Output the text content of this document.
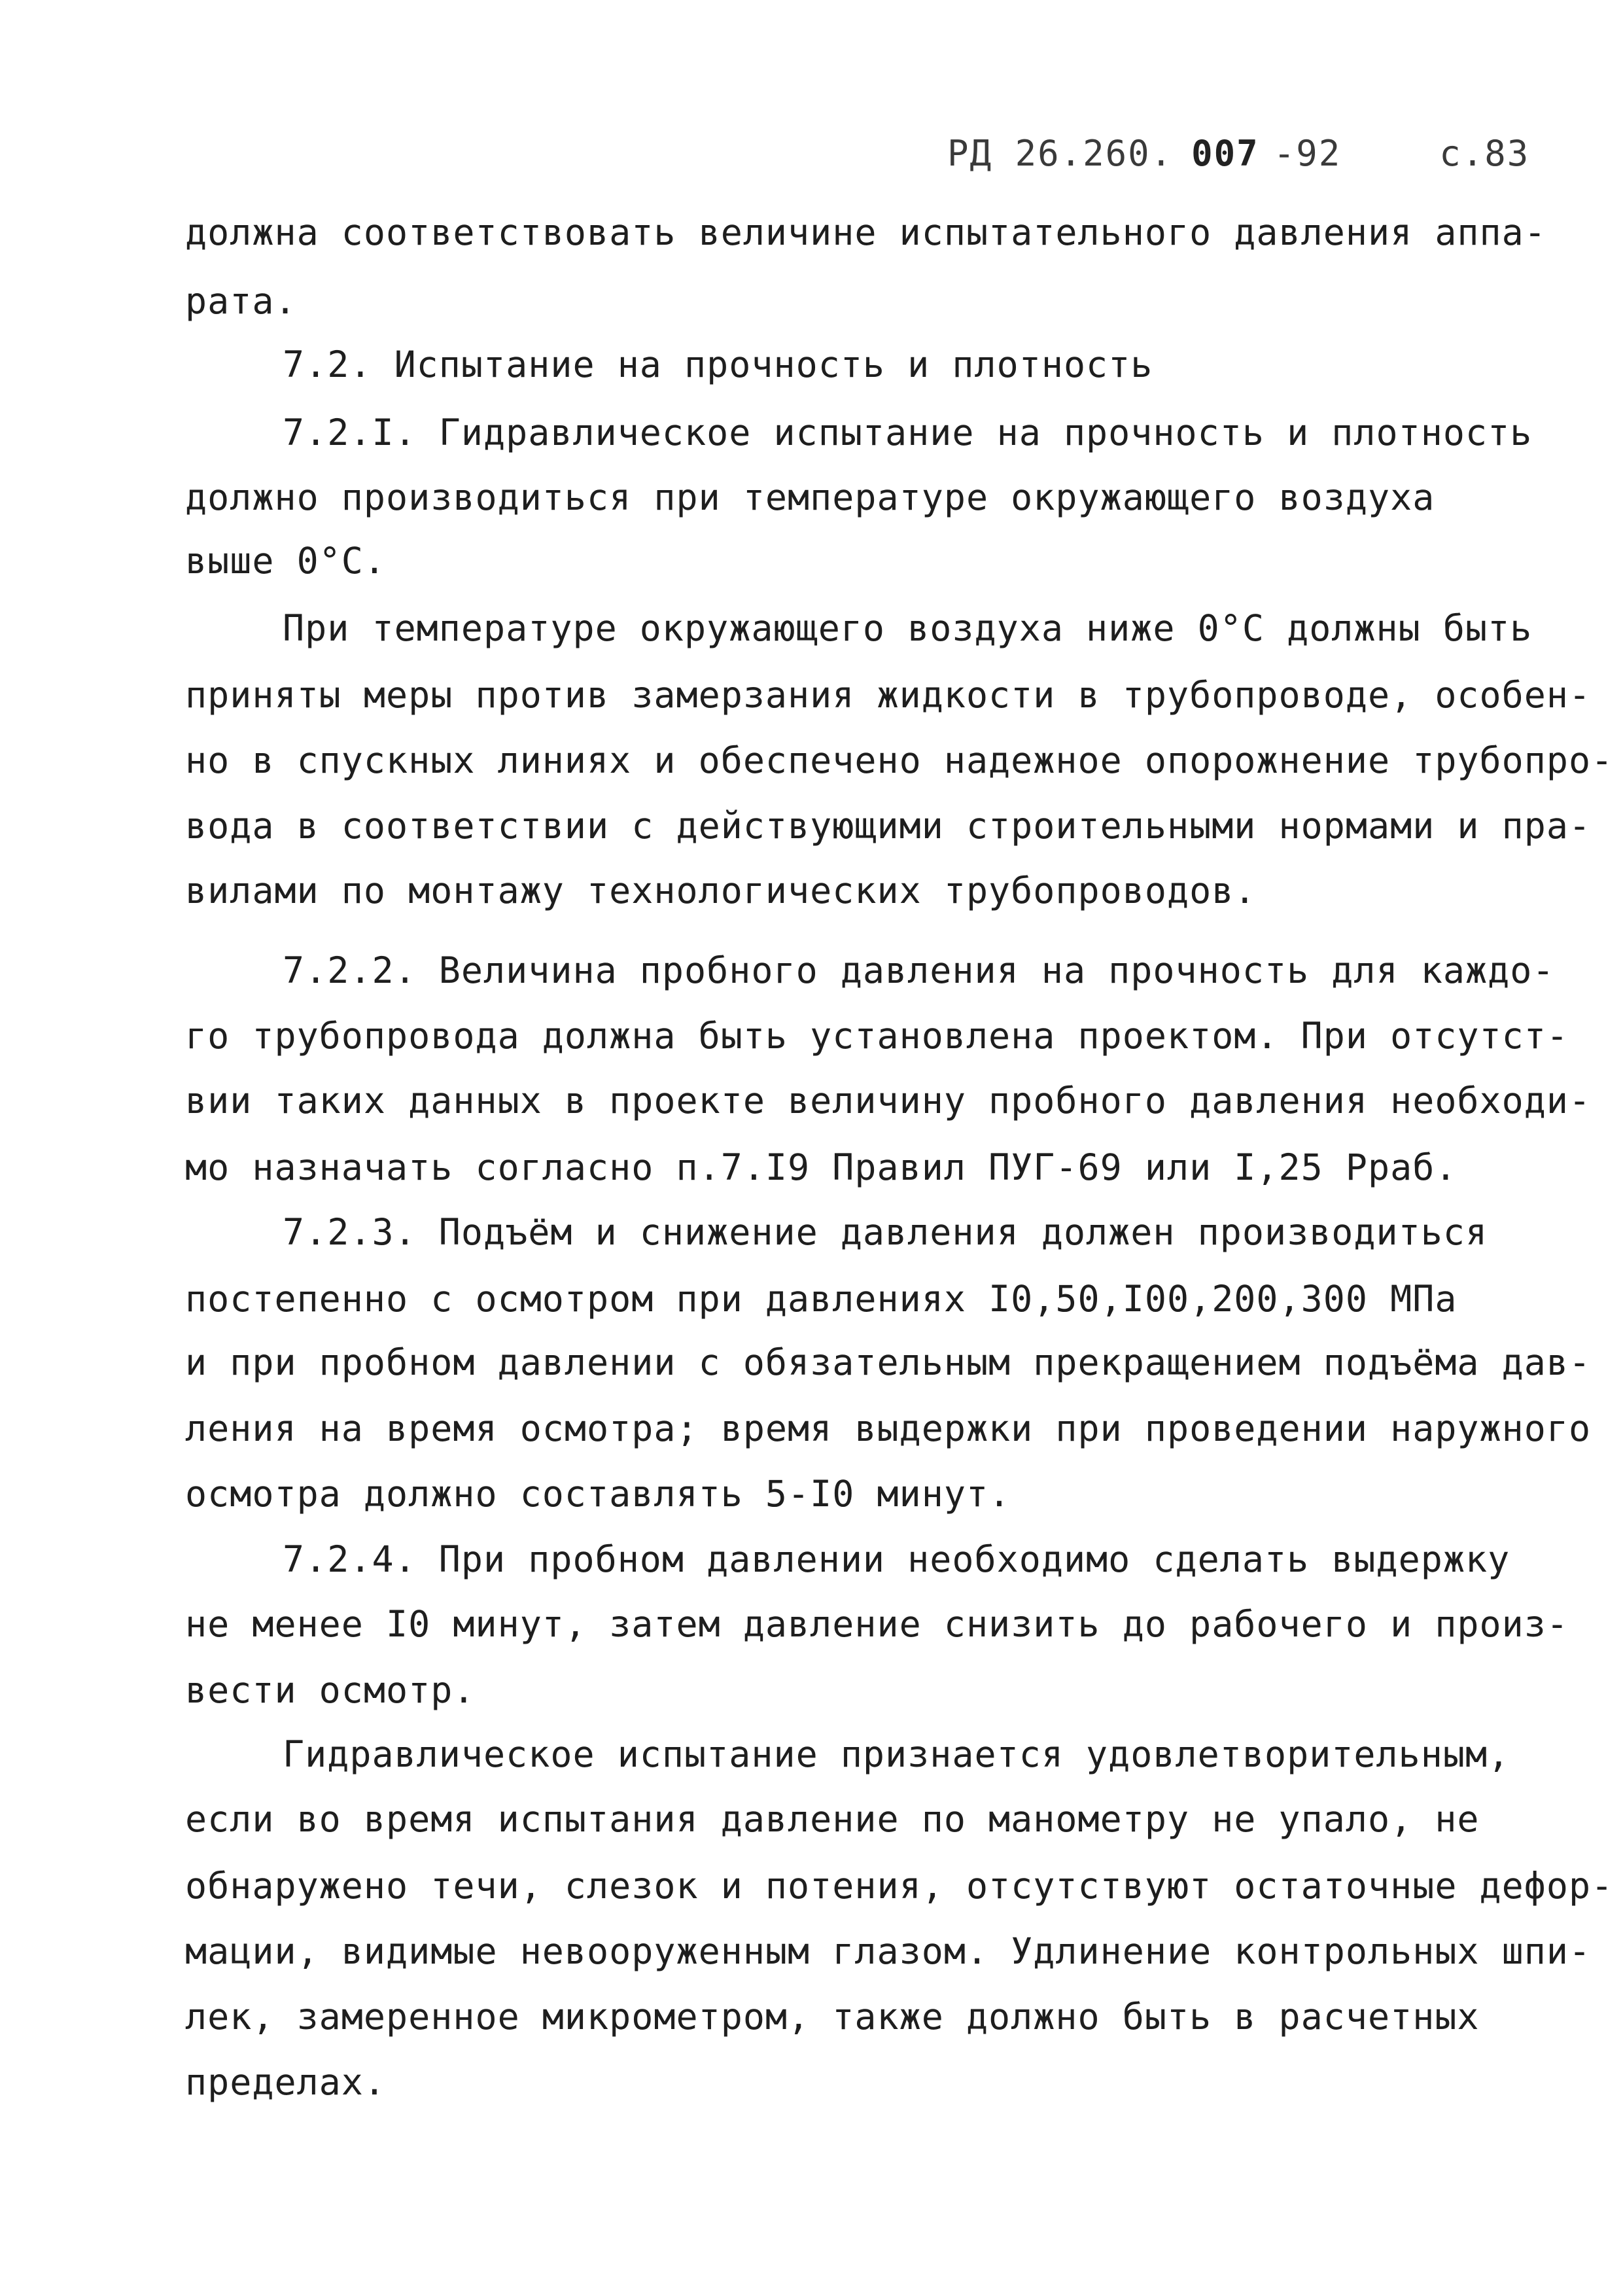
РД 26.260. 007 -92	с.83

должна соответствовать величине испытательного давления аппа-
рата.
7.2. Испытание на прочность и плотность
7.2.I. Гидравлическое испытание на прочность и плотность
должно производиться при температуре окружающего воздуха
выше 0°С.
При температуре окружающего воздуха ниже 0°С должны быть
приняты меры против замерзания жидкости в трубопроводе, особен-
но в спускных линиях и обеспечено надежное опорожнение трубопро-
вода в соответствии с действующими строительными нормами и пра-
вилами по монтажу технологических трубопроводов.
7.2.2. Величина пробного давления на прочность для каждо-
го трубопровода должна быть установлена проектом. При отсутст-
вии таких данных в проекте величину пробного давления необходи-
мо назначать согласно п.7.I9 Правил ПУГ-69 или I,25 Рраб.
7.2.3. Подъём и снижение давления должен производиться
постепенно с осмотром при давлениях I0,50,I00,200,300 МПа
и при пробном давлении с обязательным прекращением подъёма дав-
ления на время осмотра; время выдержки при проведении наружного
осмотра должно составлять 5-I0 минут.
7.2.4. При пробном давлении необходимо сделать выдержку
не менее I0 минут, затем давление снизить до рабочего и произ-
вести осмотр.
Гидравлическое испытание признается удовлетворительным,
если во время испытания давление по манометру не упало, не
обнаружено течи, слезок и потения, отсутствуют остаточные дефор-
мации, видимые невооруженным глазом. Удлинение контрольных шпи-
лек, замеренное микрометром, также должно быть в расчетных
пределах.
